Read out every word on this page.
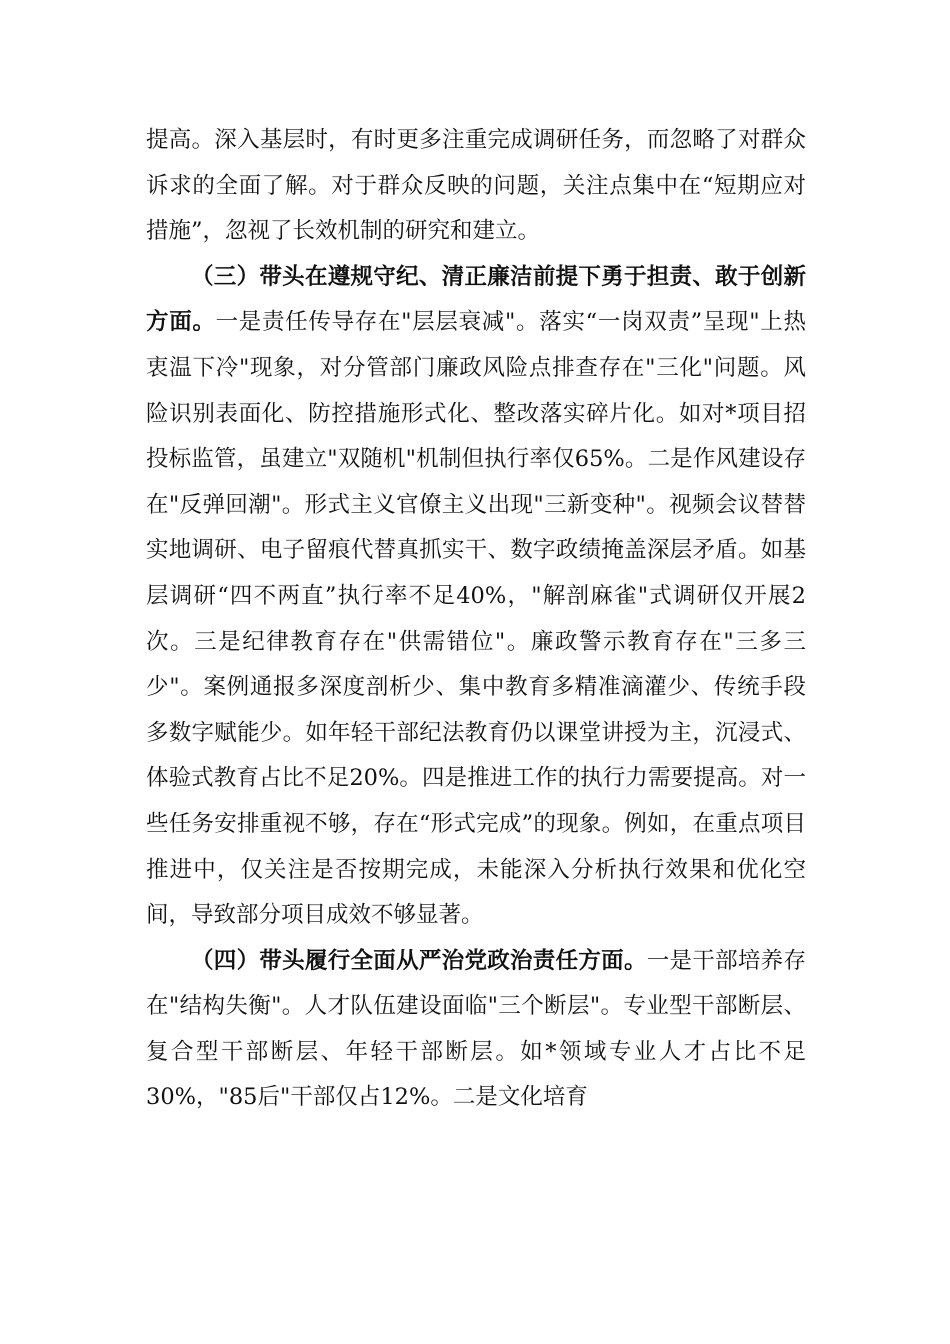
提高。深入基层时，有时更多注重完成调研任务，而忽略了对群众诉求的全面了解。对于群众反映的问题，关注点集中在“短期应对措施”，忽视了长效机制的研究和建立。

（三）带头在遵规守纪、清正廉洁前提下勇于担责、敢于创新方面。一是责任传导存在"层层衰减"。落实“一岗双责”呈现"上热衷温下冷"现象，对分管部门廉政风险点排查存在"三化"问题。风险识别表面化、防控措施形式化、整改落实碎片化。如对*项目招投标监管，虽建立"双随机"机制但执行率仅65%。二是作风建设存在"反弹回潮"。形式主义官僚主义出现"三新变种"。视频会议替替实地调研、电子留痕代替真抓实干、数字政绩掩盖深层矛盾。如基层调研“四不两直”执行率不足40%，"解剖麻雀"式调研仅开展2次。三是纪律教育存在"供需错位"。廉政警示教育存在"三多三少"。案例通报多深度剖析少、集中教育多精准滴灌少、传统手段多数字赋能少。如年轻干部纪法教育仍以课堂讲授为主，沉浸式、体验式教育占比不足20%。四是推进工作的执行力需要提高。对一些任务安排重视不够，存在“形式完成”的现象。例如，在重点项目推进中，仅关注是否按期完成，未能深入分析执行效果和优化空间，导致部分项目成效不够显著。

（四）带头履行全面从严治党政治责任方面。一是干部培养存在"结构失衡"。人才队伍建设面临"三个断层"。专业型干部断层、复合型干部断层、年轻干部断层。如*领域专业人才占比不足30%，"85后"干部仅占12%。二是文化培育
